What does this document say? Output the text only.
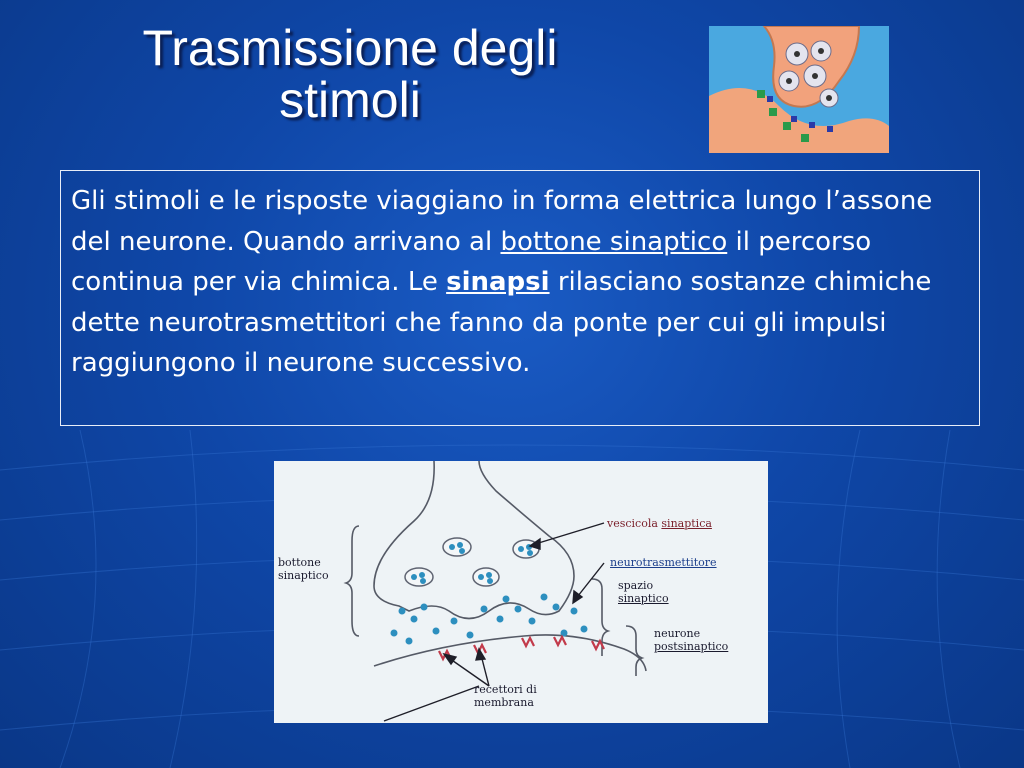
Trasmissione degli
stimoli
Gli stimoli e le risposte viaggiano in forma elettrica lungo l’assone del neurone. Quando arrivano al bottone sinaptico il percorso continua per via chimica. Le sinapsi rilasciano sostanze chimiche dette neurotrasmettitori che fanno da ponte per cui gli impulsi raggiungono il neurone successivo.

bottone
sinaptico

vescicola sinaptica

neurotrasmettitore

spazio
sinaptico

neurone
postsinaptico

recettori di
membrana
